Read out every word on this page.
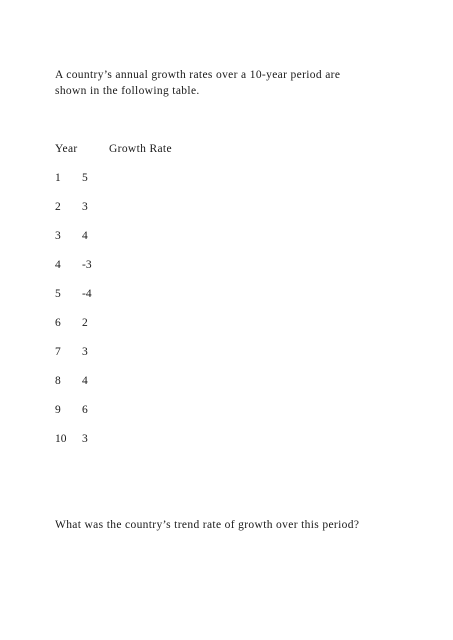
A country’s annual growth rates over a 10-year period are
shown in the following table.

Year	Growth Rate
1 5
2 3
3 4
4 -3
5 -4
6 2
7 3
8 4
9 6
10 3

What was the country’s trend rate of growth over this period?
